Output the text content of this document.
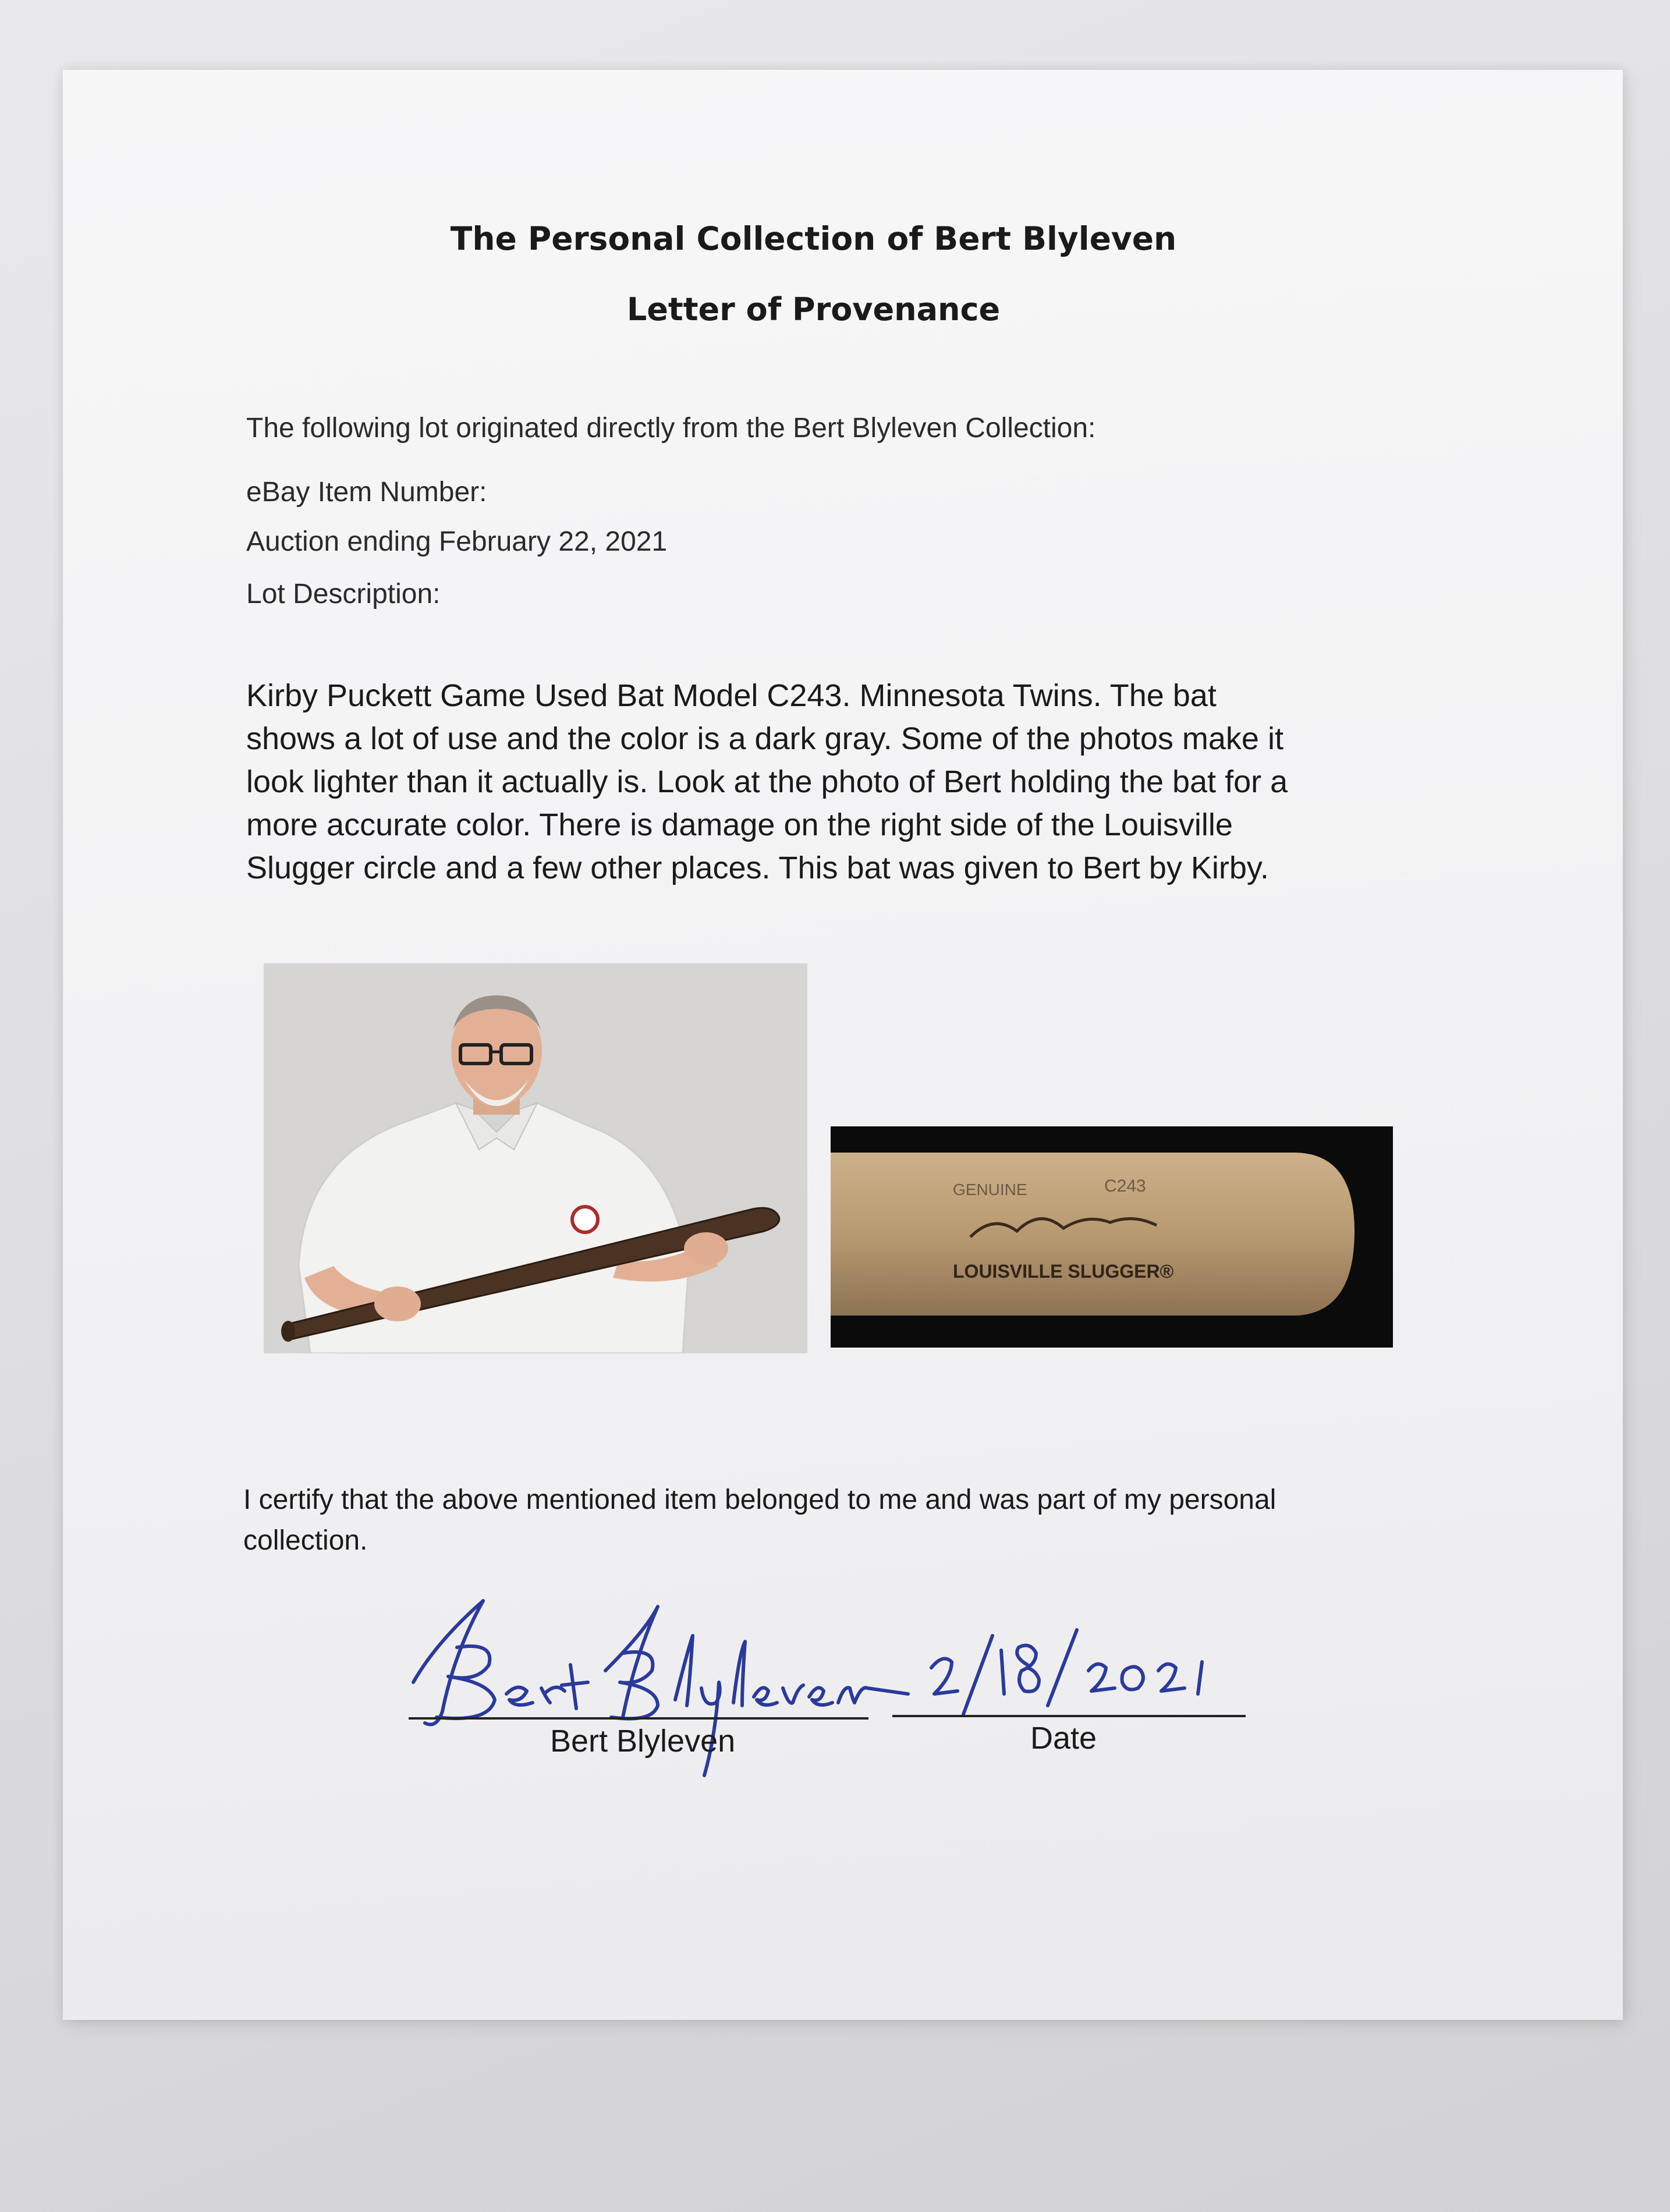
The Personal Collection of Bert Blyleven
Letter of Provenance
The following lot originated directly from the Bert Blyleven Collection:
eBay Item Number:
Auction ending February 22, 2021
Lot Description:
Kirby Puckett Game Used Bat Model C243. Minnesota Twins. The bat
shows a lot of use and the color is a dark gray. Some of the photos make it
look lighter than it actually is. Look at the photo of Bert holding the bat for a
more accurate color. There is damage on the right side of the Louisville
Slugger circle and a few other places. This bat was given to Bert by Kirby.
GENUINE	C243
LOUISVILLE SLUGGER®
I certify that the above mentioned item belonged to me and was part of my personal collection.
Bert Blyleven	Date
